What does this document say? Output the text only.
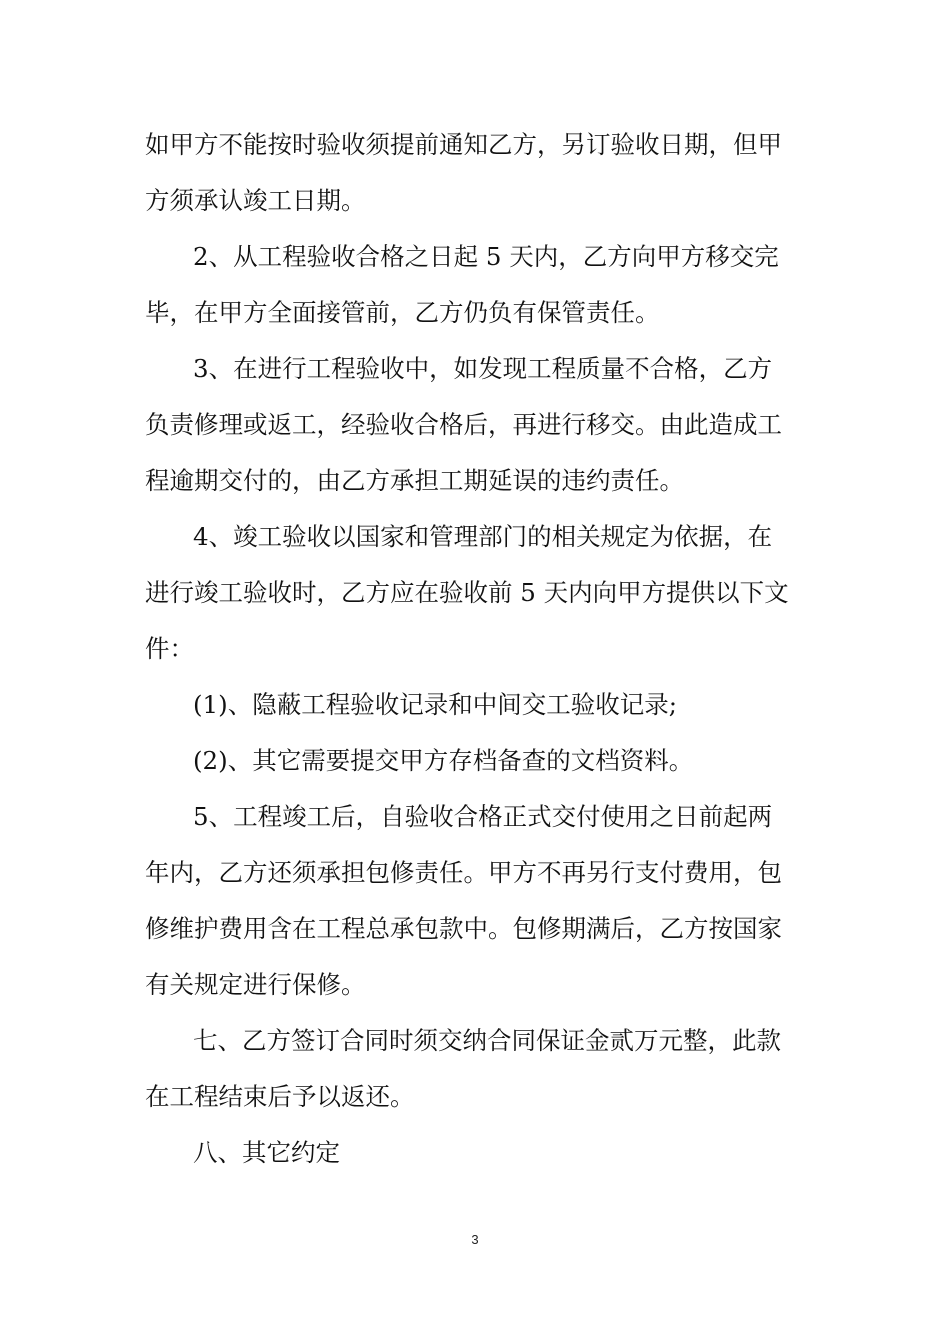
如甲方不能按时验收须提前通知乙方，另订验收日期，但甲
方须承认竣工日期。
2、从工程验收合格之日起 5 天内，乙方向甲方移交完
毕，在甲方全面接管前，乙方仍负有保管责任。
3、在进行工程验收中，如发现工程质量不合格，乙方
负责修理或返工，经验收合格后，再进行移交。由此造成工
程逾期交付的，由乙方承担工期延误的违约责任。
4、竣工验收以国家和管理部门的相关规定为依据，在
进行竣工验收时，乙方应在验收前 5 天内向甲方提供以下文
件：
(1)、隐蔽工程验收记录和中间交工验收记录;
(2)、其它需要提交甲方存档备查的文档资料。
5、工程竣工后，自验收合格正式交付使用之日前起两
年内，乙方还须承担包修责任。甲方不再另行支付费用，包
修维护费用含在工程总承包款中。包修期满后，乙方按国家
有关规定进行保修。
七、乙方签订合同时须交纳合同保证金贰万元整，此款
在工程结束后予以返还。
八、其它约定
3
